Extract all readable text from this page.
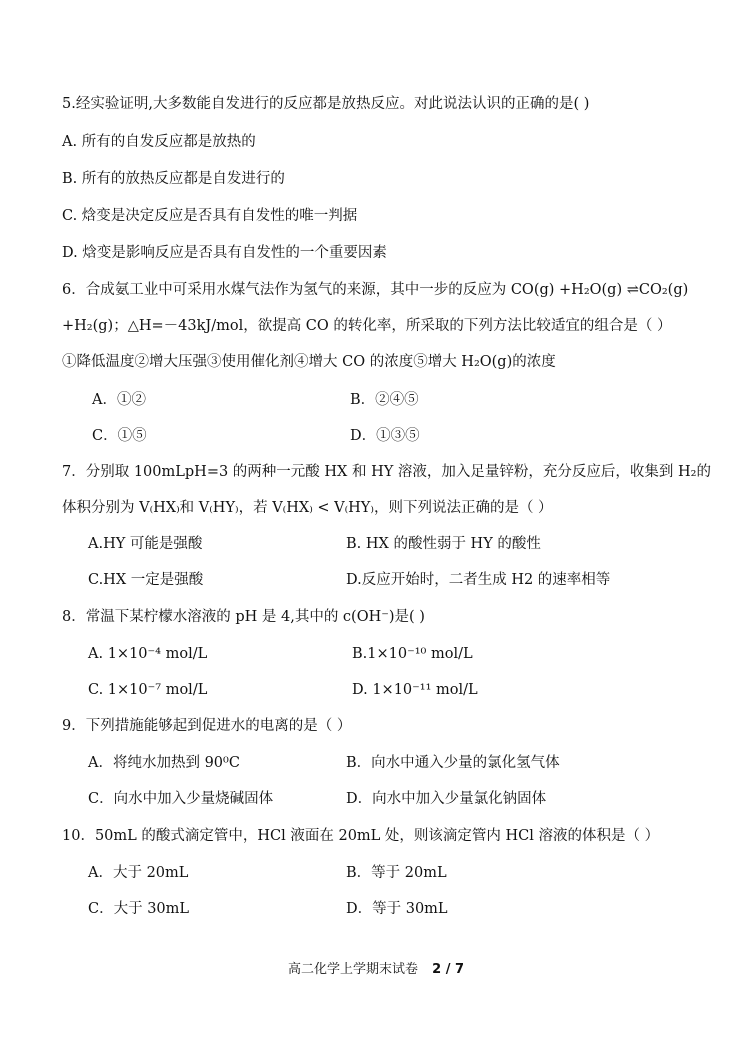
5.经实验证明,大多数能自发进行的反应都是放热反应。对此说法认识的正确的是( )
A. 所有的自发反应都是放热的
B. 所有的放热反应都是自发进行的
C. 焓变是决定反应是否具有自发性的唯一判据
D. 焓变是影响反应是否具有自发性的一个重要因素
6．合成氨工业中可采用水煤气法作为氢气的来源，其中一步的反应为 CO(g) +H₂O(g) ⇌CO₂(g)
+H₂(g)；△H=－43kJ/mol，欲提高 CO 的转化率，所采取的下列方法比较适宜的组合是（ ）
①降低温度②增大压强③使用催化剂④增大 CO 的浓度⑤增大 H₂O(g)的浓度
A．①②	B．②④⑤
C．①⑤	D．①③⑤
7．分别取 100mLpH=3 的两种一元酸 HX 和 HY 溶液，加入足量锌粉，充分反应后，收集到 H₂的
体积分别为 V₍HX₎和 V₍HY₎，若 V₍HX₎ < V₍HY₎，则下列说法正确的是（ ）
A.HY 可能是强酸	B. HX 的酸性弱于 HY 的酸性
C.HX 一定是强酸	D.反应开始时，二者生成 H2 的速率相等
8．常温下某柠檬水溶液的 pH 是 4,其中的 c(OH⁻)是( )
A. 1×10⁻⁴ mol/L	B.1×10⁻¹⁰ mol/L
C. 1×10⁻⁷ mol/L	D. 1×10⁻¹¹ mol/L
9．下列措施能够起到促进水的电离的是（ ）
A．将纯水加热到 90⁰C	B．向水中通入少量的氯化氢气体
C．向水中加入少量烧碱固体	D．向水中加入少量氯化钠固体
10．50mL 的酸式滴定管中，HCl 液面在 20mL 处，则该滴定管内 HCl 溶液的体积是（ ）
A．大于 20mL	B．等于 20mL
C．大于 30mL	D．等于 30mL
高二化学上学期末试卷 2 / 7
